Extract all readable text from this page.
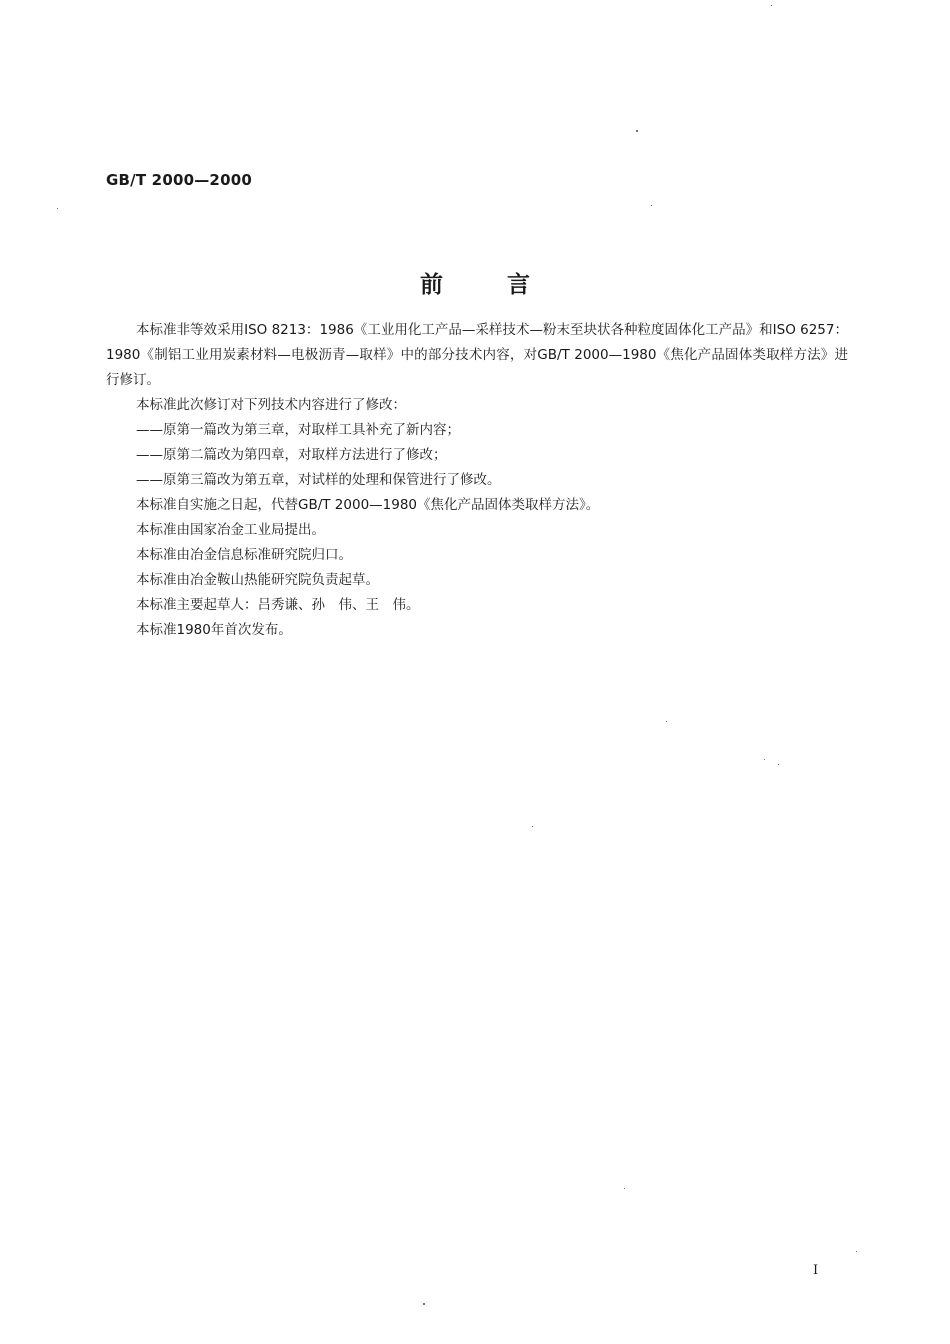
GB/T 2000—2000
前言

本标准非等效采用ISO 8213：1986《工业用化工产品—采样技术—粉末至块状各种粒度固体化工产品》和ISO 6257：1980《制铝工业用炭素材料—电极沥青—取样》中的部分技术内容，对GB/T 2000—1980《焦化产品固体类取样方法》进行修订。

本标准此次修订对下列技术内容进行了修改：

——原第一篇改为第三章，对取样工具补充了新内容；

——原第二篇改为第四章，对取样方法进行了修改；

——原第三篇改为第五章，对试样的处理和保管进行了修改。

本标准自实施之日起，代替GB/T 2000—1980《焦化产品固体类取样方法》。

本标准由国家冶金工业局提出。

本标准由冶金信息标准研究院归口。

本标准由冶金鞍山热能研究院负责起草。

本标准主要起草人：吕秀谦、孙　伟、王　伟。

本标准1980年首次发布。

I
